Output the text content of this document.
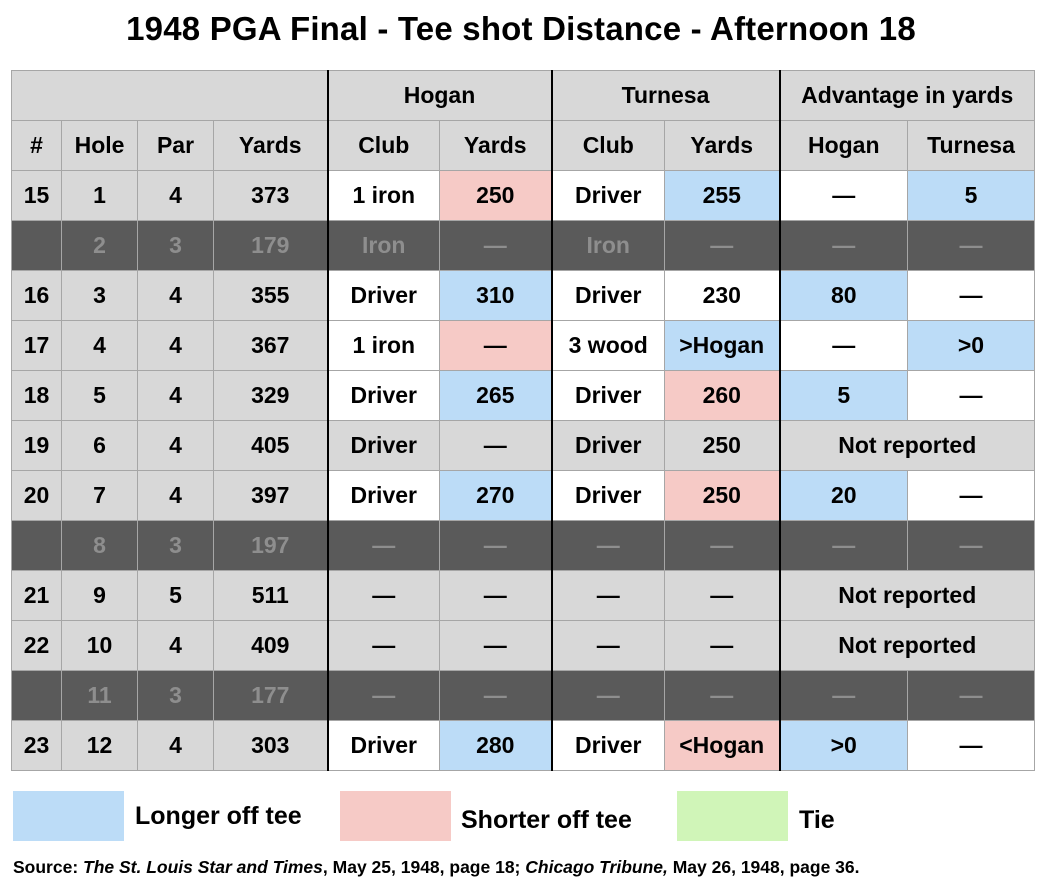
1948 PGA Final - Tee shot Distance - Afternoon 18
				Hogan		Turnesa		Advantage in yards	
#	Hole	Par	Yards	Club	Yards	Club	Yards	Hogan	Turnesa
15	1	4	373	1 iron	250	Driver	255	—	5
	2	3	179	Iron	—	Iron	—	—	—
16	3	4	355	Driver	310	Driver	230	80	—
17	4	4	367	1 iron	—	3 wood	>Hogan	—	>0
18	5	4	329	Driver	265	Driver	260	5	—
19	6	4	405	Driver	—	Driver	250	Not reported	
20	7	4	397	Driver	270	Driver	250	20	—
	8	3	197	—	—	—	—	—	—
21	9	5	511	—	—	—	—	Not reported	
22	10	4	409	—	—	—	—	Not reported	
	11	3	177	—	—	—	—	—	—
23	12	4	303	Driver	280	Driver	<Hogan	>0	—
Longer off tee	Shorter off tee	Tie
Source: The St. Louis Star and Times, May 25, 1948, page 18; Chicago Tribune, May 26, 1948, page 36.
